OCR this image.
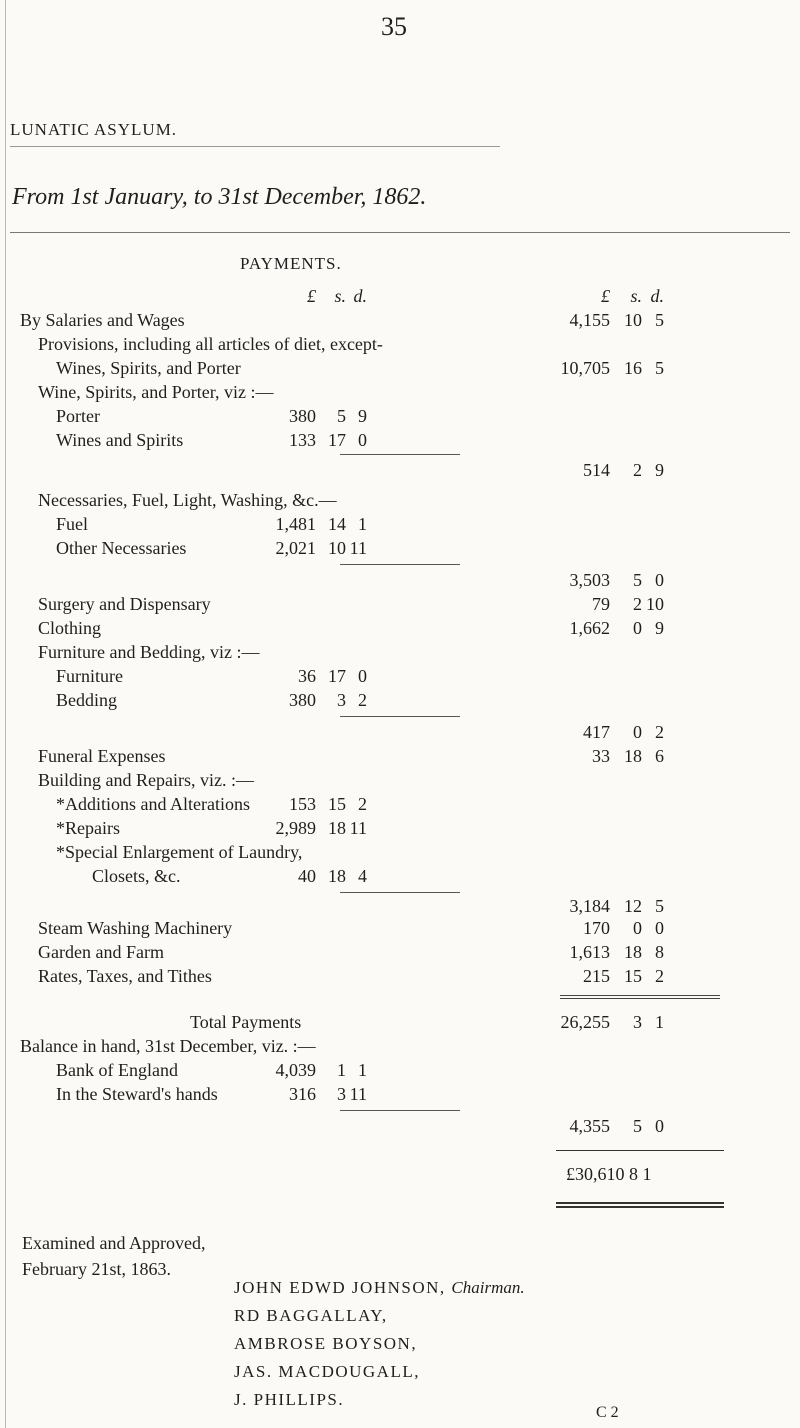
35
LUNATIC ASYLUM.
From 1st January, to 31st December, 1862.
PAYMENTS.
£ s. d.	£ s. d.
By Salaries and Wages	4,155 10 5
Provisions, including all articles of diet, except-
Wines, Spirits, and Porter	10,705 16 5
Wine, Spirits, and Porter, viz :—
Porter	380 5 9
Wines and Spirits	133 17 0
514 2 9
Necessaries, Fuel, Light, Washing, &c.—
Fuel	1,481 14 1
Other Necessaries	2,021 10 11
3,503 5 0
Surgery and Dispensary	79 2 10
Clothing	1,662 0 9
Furniture and Bedding, viz :—
Furniture	36 17 0
Bedding	380 3 2
417 0 2
Funeral Expenses	33 18 6
Building and Repairs, viz. :—
*Additions and Alterations 153 15 2
*Repairs	2,989 18 11
*Special Enlargement of Laundry,
Closets, &c.	40 18 4
3,184 12 5
Steam Washing Machinery	170 0 0
Garden and Farm	1,613 18 8
Rates, Taxes, and Tithes	215 15 2
Total Payments	26,255 3 1
Balance in hand, 31st December, viz. :—
Bank of England	4,039 1 1
In the Steward's hands	316 3 11
4,355 5 0
£30,610 8 1
Examined and Approved,
February 21st, 1863.
JOHN EDWD JOHNSON, Chairman.
RD BAGGALLAY,
AMBROSE BOYSON,
JAS. MACDOUGALL,
J. PHILLIPS.
C 2
